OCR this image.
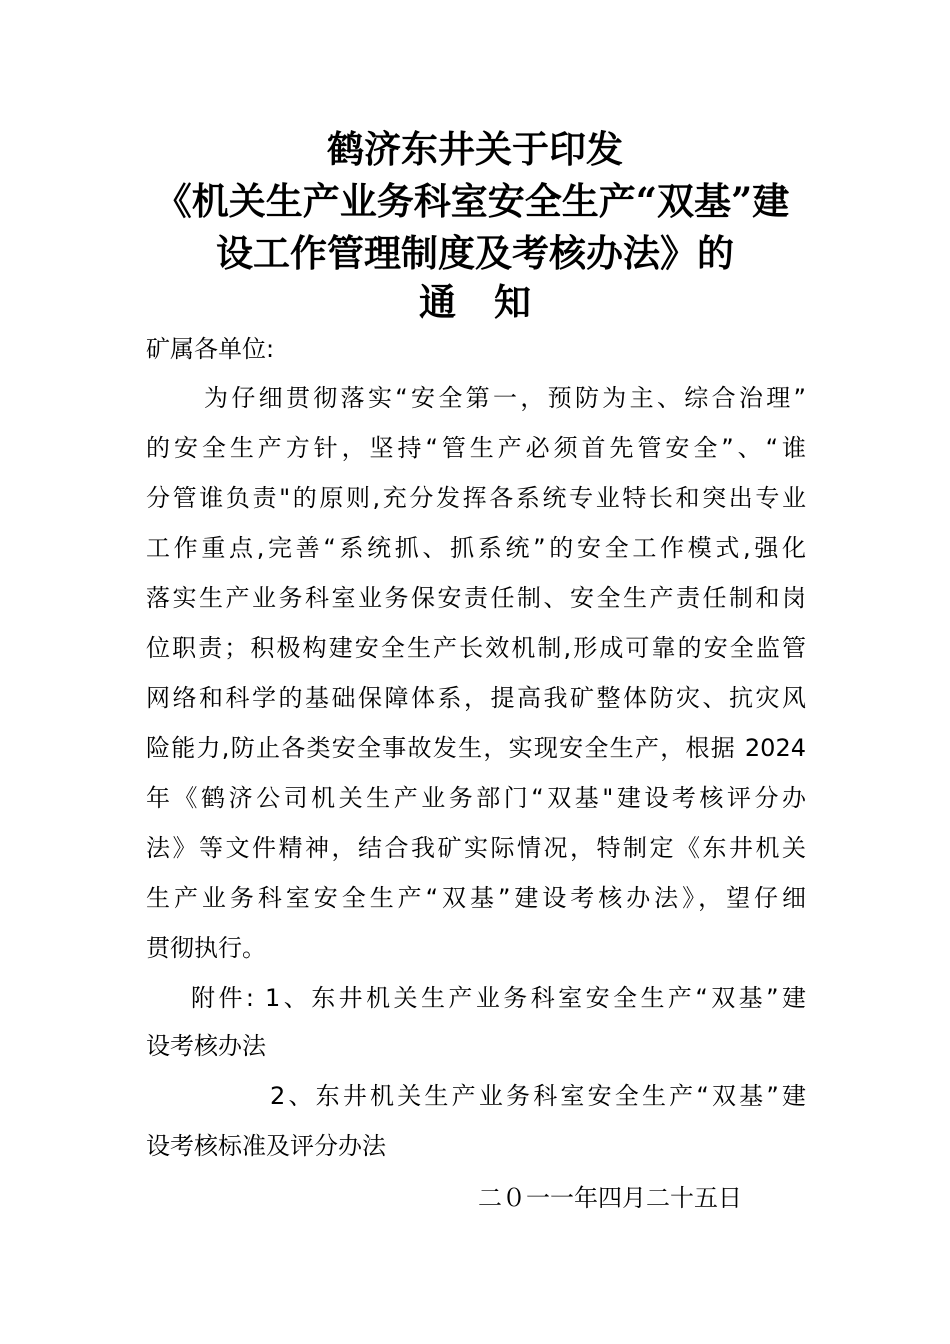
鹤济东井关于印发
《机关生产业务科室安全生产“双基”建
设工作管理制度及考核办法》的
通 知
矿属各单位:
为仔细贯彻落实“安全第一，预防为主、综合治理”
的安全生产方针，坚持“管生产必须首先管安全”、“谁
分管谁负责"的原则,充分发挥各系统专业特长和突出专业
工作重点,完善“系统抓、抓系统”的安全工作模式,强化
落实生产业务科室业务保安责任制、安全生产责任制和岗
位职责；积极构建安全生产长效机制,形成可靠的安全监管
网络和科学的基础保障体系，提高我矿整体防灾、抗灾风
险能力,防止各类安全事故发生，实现安全生产，根据 2024
年《鹤济公司机关生产业务部门“双基"建设考核评分办
法》等文件精神，结合我矿实际情况，特制定《东井机关
生产业务科室安全生产“双基”建设考核办法》，望仔细
贯彻执行。
附件: 1、东井机关生产业务科室安全生产“双基”建
设考核办法
2、东井机关生产业务科室安全生产“双基”建
设考核标准及评分办法
二０一一年四月二十五日
